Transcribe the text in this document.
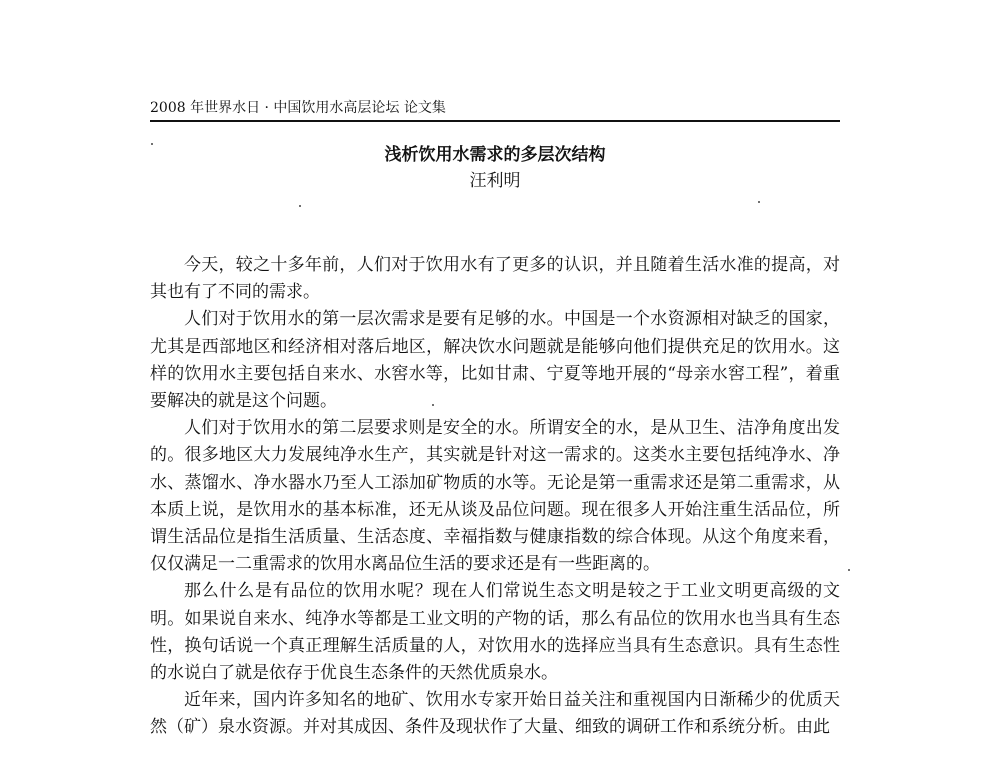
2008 年世界水日 · 中国饮用水高层论坛 论文集
浅析饮用水需求的多层次结构
汪利明

今天，较之十多年前，人们对于饮用水有了更多的认识，并且随着生活水准的提高，对其也有了不同的需求。

人们对于饮用水的第一层次需求是要有足够的水。中国是一个水资源相对缺乏的国家，尤其是西部地区和经济相对落后地区，解决饮水问题就是能够向他们提供充足的饮用水。这样的饮用水主要包括自来水、水窖水等，比如甘肃、宁夏等地开展的“母亲水窖工程”，着重要解决的就是这个问题。

人们对于饮用水的第二层要求则是安全的水。所谓安全的水，是从卫生、洁净角度出发的。很多地区大力发展纯净水生产，其实就是针对这一需求的。这类水主要包括纯净水、净水、蒸馏水、净水器水乃至人工添加矿物质的水等。无论是第一重需求还是第二重需求，从本质上说，是饮用水的基本标准，还无从谈及品位问题。现在很多人开始注重生活品位，所谓生活品位是指生活质量、生活态度、幸福指数与健康指数的综合体现。从这个角度来看，仅仅满足一二重需求的饮用水离品位生活的要求还是有一些距离的。

那么什么是有品位的饮用水呢？现在人们常说生态文明是较之于工业文明更高级的文明。如果说自来水、纯净水等都是工业文明的产物的话，那么有品位的饮用水也当具有生态性，换句话说一个真正理解生活质量的人，对饮用水的选择应当具有生态意识。具有生态性的水说白了就是依存于优良生态条件的天然优质泉水。

近年来，国内许多知名的地矿、饮用水专家开始日益关注和重视国内日渐稀少的优质天然（矿）泉水资源。并对其成因、条件及现状作了大量、细致的调研工作和系统分析。由此
